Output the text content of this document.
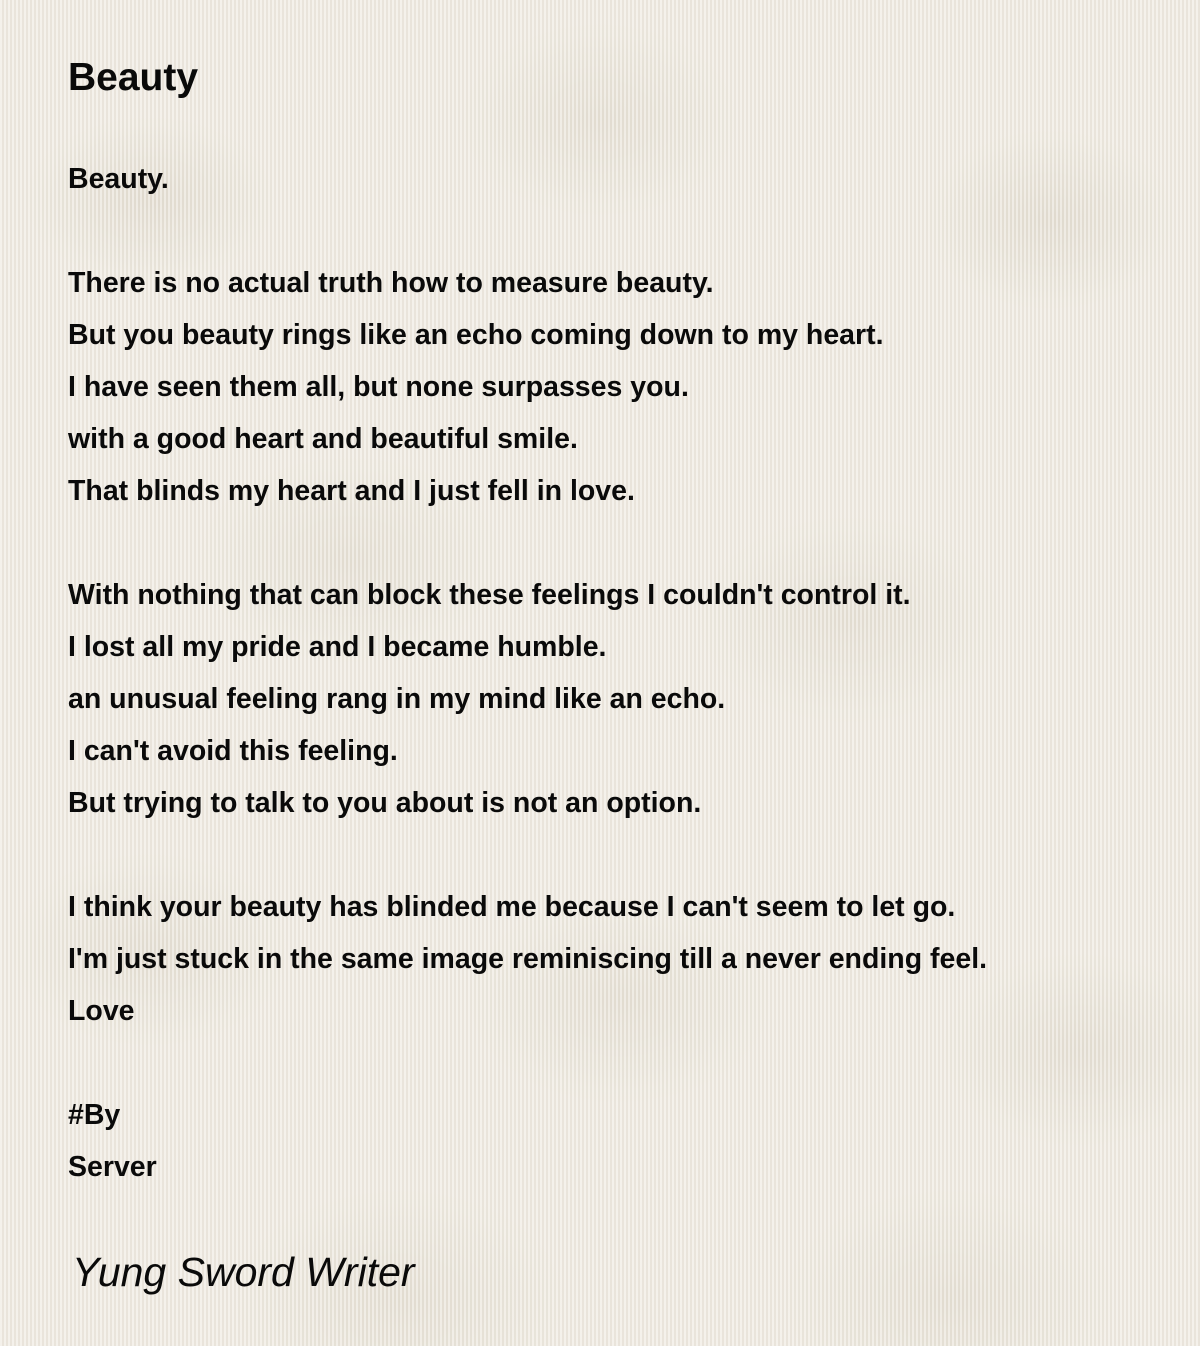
Beauty
Beauty.
There is no actual truth how to measure beauty.
But you beauty rings like an echo coming down to my heart.
I have seen them all, but none surpasses you.
with a good heart and beautiful smile.
That blinds my heart and I just fell in love.
With nothing that can block these feelings I couldn't control it.
I lost all my pride and I became humble.
an unusual feeling rang in my mind like an echo.
I can't avoid this feeling.
But trying to talk to you about is not an option.
I think your beauty has blinded me because I can't seem to let go.
I'm just stuck in the same image reminiscing till a never ending feel.
Love
#By
Server

Yung Sword Writer
